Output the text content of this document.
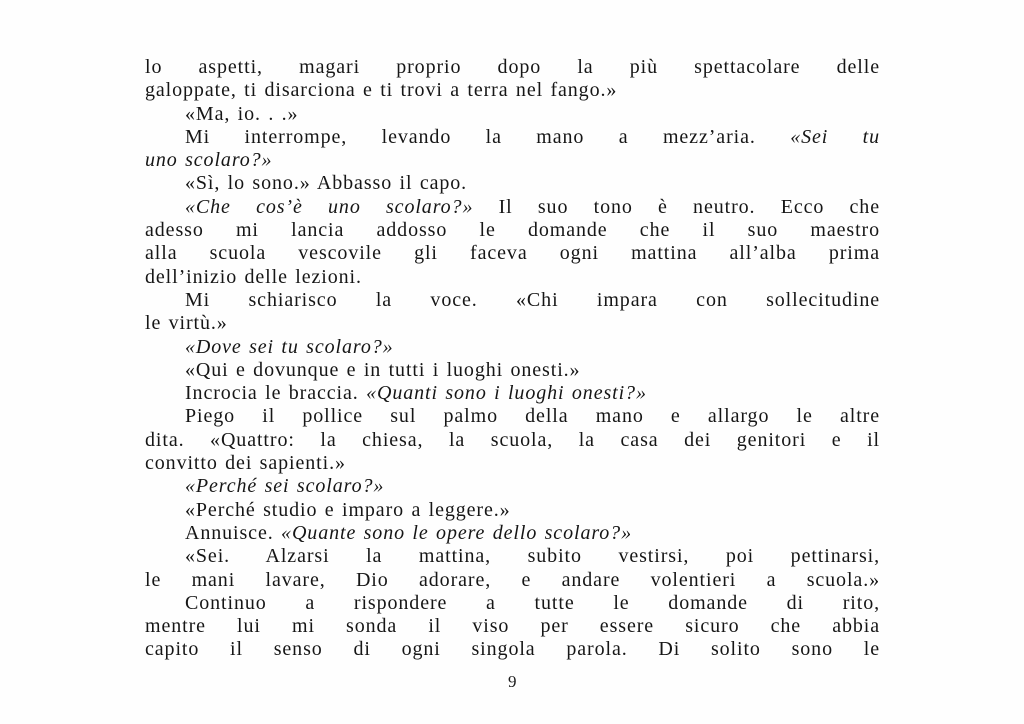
lo aspetti, magari proprio dopo la più spettacolare delle
galoppate, ti disarciona e ti trovi a terra nel fango.»
«Ma, io. . .»
Mi interrompe, levando la mano a mezz’aria. «Sei tu
uno scolaro?»
«Sì, lo sono.» Abbasso il capo.
«Che cos’è uno scolaro?» Il suo tono è neutro. Ecco che
adesso mi lancia addosso le domande che il suo maestro
alla scuola vescovile gli faceva ogni mattina all’alba prima
dell’inizio delle lezioni.
Mi schiarisco la voce. «Chi impara con sollecitudine
le virtù.»
«Dove sei tu scolaro?»
«Qui e dovunque e in tutti i luoghi onesti.»
Incrocia le braccia. «Quanti sono i luoghi onesti?»
Piego il pollice sul palmo della mano e allargo le altre
dita. «Quattro: la chiesa, la scuola, la casa dei genitori e il
convitto dei sapienti.»
«Perché sei scolaro?»
«Perché studio e imparo a leggere.»
Annuisce. «Quante sono le opere dello scolaro?»
«Sei. Alzarsi la mattina, subito vestirsi, poi pettinarsi,
le mani lavare, Dio adorare, e andare volentieri a scuola.»
Continuo a rispondere a tutte le domande di rito,
mentre lui mi sonda il viso per essere sicuro che abbia
capito il senso di ogni singola parola. Di solito sono le
9
